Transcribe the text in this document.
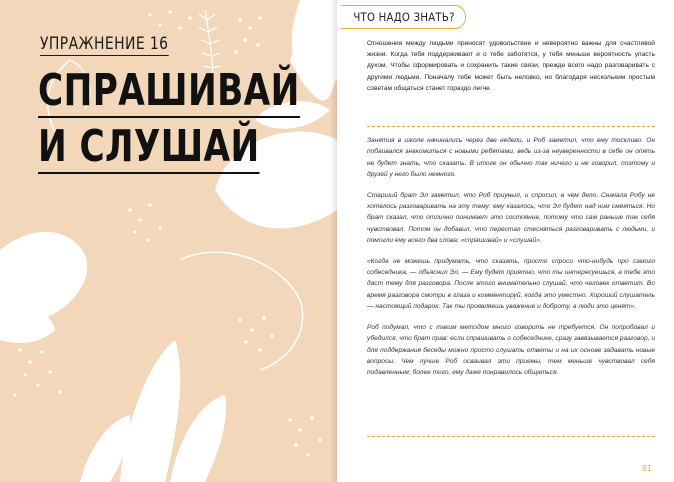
УПРАЖНЕНИЕ 16
СПРАШИВАЙ
И СЛУШАЙ
ЧТО НАДО ЗНАТЬ?
Отношения между людьми приносят удовольствие и невероятно важны для счастливой жизни. Когда тебя поддерживают и о тебе заботятся, у тебя меньше вероятность упасть духом. Чтобы сформировать и сохранить такие связи, прежде всего надо разговаривать с другими людьми. Поначалу тебе может быть неловко, но благодаря нескольким простым советам общаться станет гораздо легче.

Занятия в школе начинались через две недели, и Роб заметил, что ему тоскливо. Он побаивался знакомиться с новыми ребятами, ведь из-за неуверенности в себе он опять не будет знать, что сказать. В итоге он обычно так ничего и не говорил, поэтому и друзей у него было немного.

Старший брат Эл заметил, что Роб приуныл, и спросил, в чем дело. Сначала Робу не хотелось разговаривать на эту тему: ему казалось, что Эл будет над ним смеяться. Но брат сказал, что отлично понимает это состояние, потому что сам раньше так себя чувствовал. Потом он добавил, что перестал стесняться разговаривать с людьми, и помогли ему всего два слова: «спрашивай» и «слушай».

«Когда не можешь придумать, что сказать, просто спроси что-нибудь про самого собеседника, — объяснил Эл. — Ему будет приятно, что ты интересуешься, а тебе это даст тему для разговора. После этого внимательно слушай, что человек ответит. Во время разговора смотри в глаза и комментируй, когда это уместно. Хороший слушатель — настоящий подарок. Так ты проявляешь уважение и доброту, а люди это ценят».

Роб подумал, что с таким методом много говорить не требуется. Он попробовал и убедился, что брат прав: если спрашивать о собеседнике, сразу завязывается разговор, и для поддержания беседы можно просто слушать ответы и на их основе задавать новые вопросы. Чем лучше Роб осваивал эти приемы, тем меньше чувствовал себя подавленным; более того, ему даже понравилось общаться.

81
